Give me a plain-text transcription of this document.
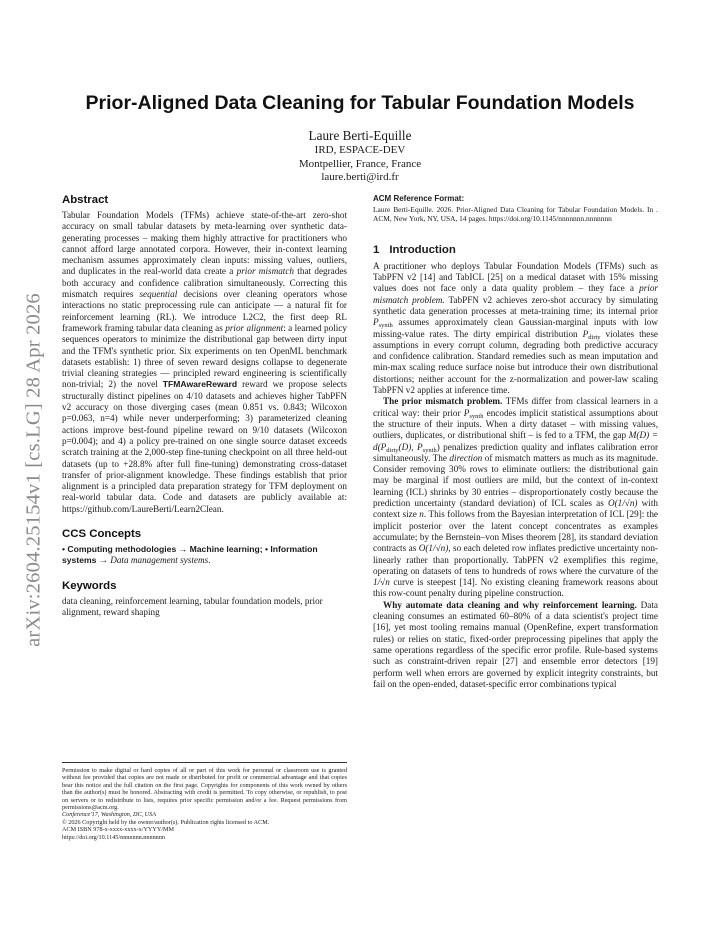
arXiv:2604.25154v1 [cs.LG] 28 Apr 2026
Prior-Aligned Data Cleaning for Tabular Foundation Models
Laure Berti-Equille
IRD, ESPACE-DEV
Montpellier, France, France
laure.berti@ird.fr
Abstract

Tabular Foundation Models (TFMs) achieve state-of-the-art zero-shot accuracy on small tabular datasets by meta-learning over synthetic data-generating processes – making them highly attractive for practitioners who cannot afford large annotated corpora. However, their in-context learning mechanism assumes approximately clean inputs: missing values, outliers, and duplicates in the real-world data create a prior mismatch that degrades both accuracy and confidence calibration simultaneously. Correcting this mismatch requires sequential decisions over cleaning operators whose interactions no static preprocessing rule can anticipate — a natural fit for reinforcement learning (RL). We introduce L2C2, the first deep RL framework framing tabular data cleaning as prior alignment: a learned policy sequences operators to minimize the distributional gap between dirty input and the TFM's synthetic prior. Six experiments on ten OpenML benchmark datasets establish: 1) three of seven reward designs collapse to degenerate trivial cleaning strategies — principled reward engineering is scientifically non-trivial; 2) the novel TFMAwareReward reward we propose selects structurally distinct pipelines on 4/10 datasets and achieves higher TabPFN v2 accuracy on those diverging cases (mean 0.851 vs. 0.843; Wilcoxon p=0.063, n=4) while never underperforming; 3) parameterized cleaning actions improve best-found pipeline reward on 9/10 datasets (Wilcoxon p=0.004); and 4) a policy pre-trained on one single source dataset exceeds scratch training at the 2,000-step fine-tuning checkpoint on all three held-out datasets (up to +28.8% after full fine-tuning) demonstrating cross-dataset transfer of prior-alignment knowledge. These findings establish that prior alignment is a principled data preparation strategy for TFM deployment on real-world tabular data. Code and datasets are publicly available at: https://github.com/LaureBerti/Learn2Clean.

CCS Concepts

• Computing methodologies → Machine learning; • Information systems → Data management systems.

Keywords

data cleaning, reinforcement learning, tabular foundation models, prior alignment, reward shaping

Permission to make digital or hard copies of all or part of this work for personal or classroom use is granted without fee provided that copies are not made or distributed for profit or commercial advantage and that copies bear this notice and the full citation on the first page. Copyrights for components of this work owned by others than the author(s) must be honored. Abstracting with credit is permitted. To copy otherwise, or republish, to post on servers or to redistribute to lists, requires prior specific permission and/or a fee. Request permissions from permissions@acm.org.
Conference'17, Washington, DC, USA
© 2026 Copyright held by the owner/author(s). Publication rights licensed to ACM.
ACM ISBN 978-x-xxxx-xxxx-x/YYYY/MM
https://doi.org/10.1145/nnnnnnn.nnnnnnn
ACM Reference Format:

Laure Berti-Equille. 2026. Prior-Aligned Data Cleaning for Tabular Foundation Models. In . ACM, New York, NY, USA, 14 pages. https://doi.org/10.1145/nnnnnnn.nnnnnnn

1 Introduction

A practitioner who deploys Tabular Foundation Models (TFMs) such as TabPFN v2 [14] and TabICL [25] on a medical dataset with 15% missing values does not face only a data quality problem – they face a prior mismatch problem. TabPFN v2 achieves zero-shot accuracy by simulating synthetic data generation processes at meta-training time; its internal prior $P_{synth}$ assumes approximately clean Gaussian-marginal inputs with low missing-value rates. The dirty empirical distribution $P_{dirty}$ violates these assumptions in every corrupt column, degrading both predictive accuracy and confidence calibration. Standard remedies such as mean imputation and min-max scaling reduce surface noise but introduce their own distributional distortions; neither account for the z-normalization and power-law scaling TabPFN v2 applies at inference time.

The prior mismatch problem. TFMs differ from classical learners in a critical way: their prior $P_{synth}$ encodes implicit statistical assumptions about the structure of their inputs. When a dirty dataset – with missing values, outliers, duplicates, or distributional shift – is fed to a TFM, the gap $M(D) = d(P_{dirty}(D)$, $P_{synth}$) penalizes prediction quality and inflates calibration error simultaneously. The direction of mismatch matters as much as its magnitude. Consider removing 30% rows to eliminate outliers: the distributional gain may be marginal if most outliers are mild, but the context of in-context learning (ICL) shrinks by 30 entries – disproportionately costly because the prediction uncertainty (standard deviation) of ICL scales as O(1/√n) with context size n. This follows from the Bayesian interpretation of ICL [29]: the implicit posterior over the latent concept concentrates as examples accumulate; by the Bernstein–von Mises theorem [28], its standard deviation contracts as O(1/√n), so each deleted row inflates predictive uncertainty non-linearly rather than proportionally. TabPFN v2 exemplifies this regime, operating on datasets of tens to hundreds of rows where the curvature of the 1/√n curve is steepest [14]. No existing cleaning framework reasons about this row-count penalty during pipeline construction.

Why automate data cleaning and why reinforcement learning. Data cleaning consumes an estimated 60–80% of a data scientist's project time [16], yet most tooling remains manual (OpenRefine, expert transformation rules) or relies on static, fixed-order preprocessing pipelines that apply the same operations regardless of the specific error profile. Rule-based systems such as constraint-driven repair [27] and ensemble error detectors [19] perform well when errors are governed by explicit integrity constraints, but fail on the open-ended, dataset-specific error combinations typical
